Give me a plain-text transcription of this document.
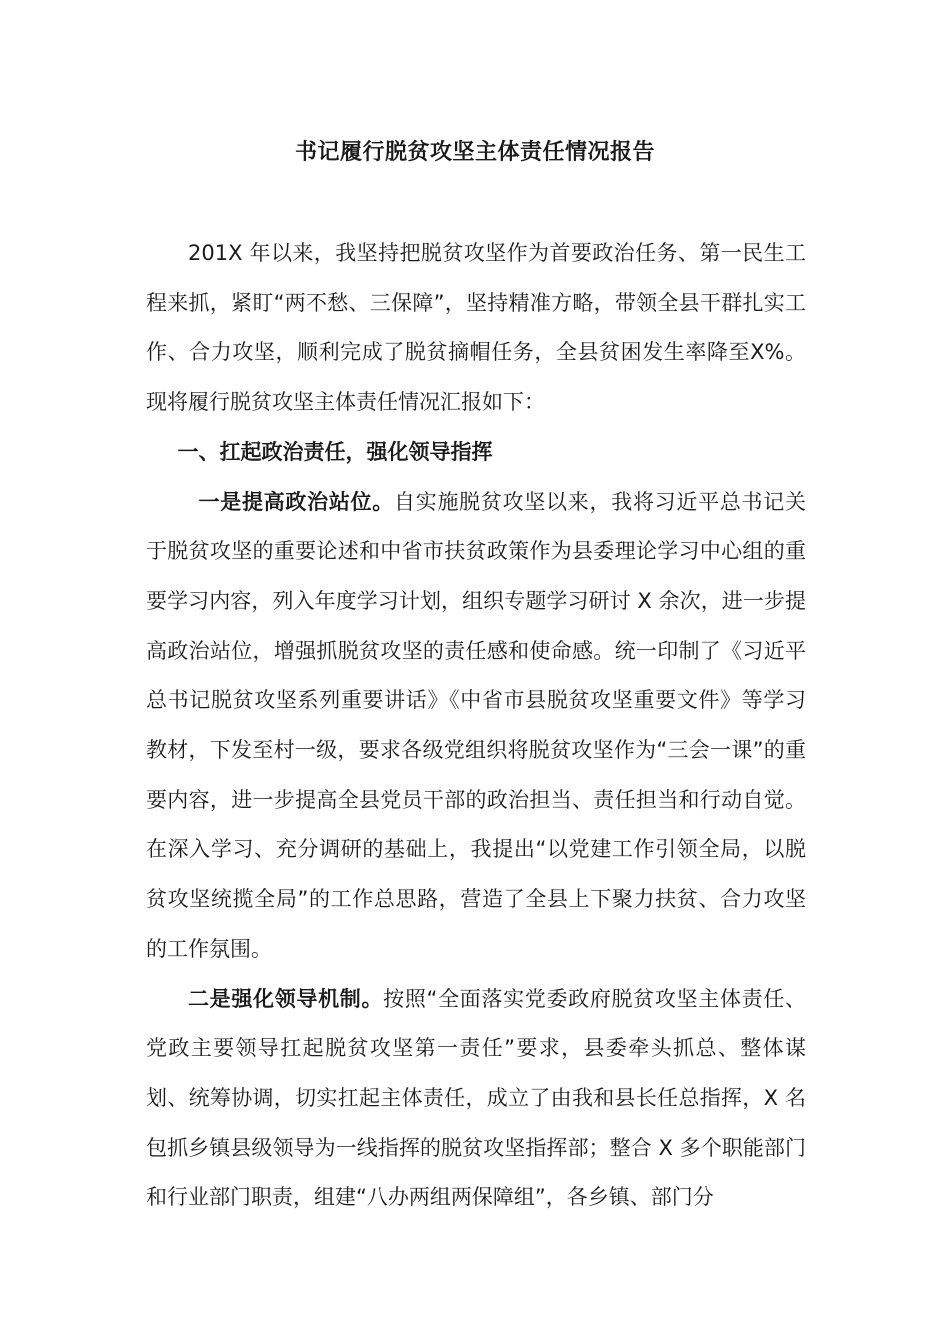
书记履行脱贫攻坚主体责任情况报告

201X 年以来，我坚持把脱贫攻坚作为首要政治任务、第一民生工程来抓，紧盯“两不愁、三保障”，坚持精准方略，带领全县干群扎实工作、合力攻坚，顺利完成了脱贫摘帽任务，全县贫困发生率降至X%。现将履行脱贫攻坚主体责任情况汇报如下：

一、扛起政治责任，强化领导指挥

一是提高政治站位。自实施脱贫攻坚以来，我将习近平总书记关于脱贫攻坚的重要论述和中省市扶贫政策作为县委理论学习中心组的重要学习内容，列入年度学习计划，组织专题学习研讨 X 余次，进一步提高政治站位，增强抓脱贫攻坚的责任感和使命感。统一印制了《习近平总书记脱贫攻坚系列重要讲话》《中省市县脱贫攻坚重要文件》等学习教材，下发至村一级，要求各级党组织将脱贫攻坚作为“三会一课”的重要内容，进一步提高全县党员干部的政治担当、责任担当和行动自觉。在深入学习、充分调研的基础上，我提出“以党建工作引领全局，以脱贫攻坚统揽全局”的工作总思路，营造了全县上下聚力扶贫、合力攻坚的工作氛围。

二是强化领导机制。按照“全面落实党委政府脱贫攻坚主体责任、党政主要领导扛起脱贫攻坚第一责任”要求，县委牵头抓总、整体谋划、统筹协调，切实扛起主体责任，成立了由我和县长任总指挥，X 名包抓乡镇县级领导为一线指挥的脱贫攻坚指挥部；整合 X 多个职能部门和行业部门职责，组建“八办两组两保障组”，各乡镇、部门分
